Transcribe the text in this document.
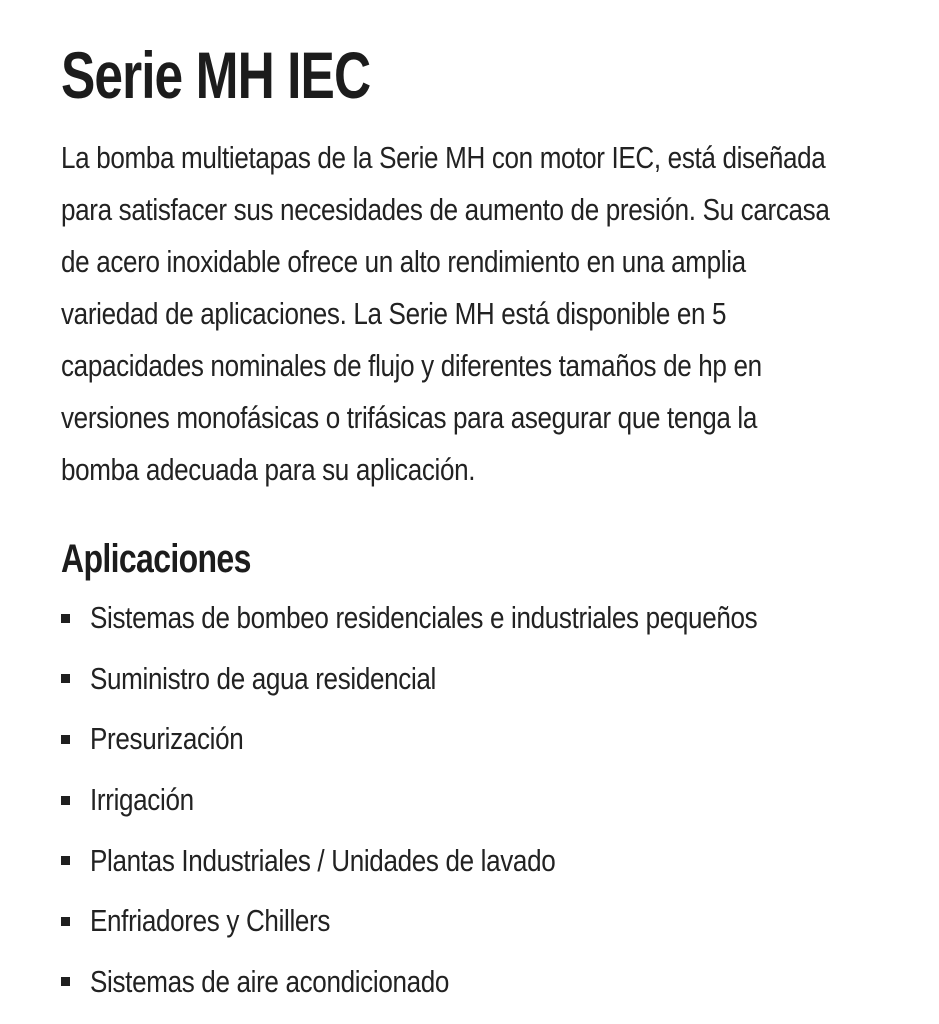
Serie MH IEC
La bomba multietapas de la Serie MH con motor IEC, está diseñada
para satisfacer sus necesidades de aumento de presión. Su carcasa
de acero inoxidable ofrece un alto rendimiento en una amplia
variedad de aplicaciones. La Serie MH está disponible en 5
capacidades nominales de flujo y diferentes tamaños de hp en
versiones monofásicas o trifásicas para asegurar que tenga la
bomba adecuada para su aplicación.
Aplicaciones
Sistemas de bombeo residenciales e industriales pequeños
Suministro de agua residencial
Presurización
Irrigación
Plantas Industriales / Unidades de lavado
Enfriadores y Chillers
Sistemas de aire acondicionado
